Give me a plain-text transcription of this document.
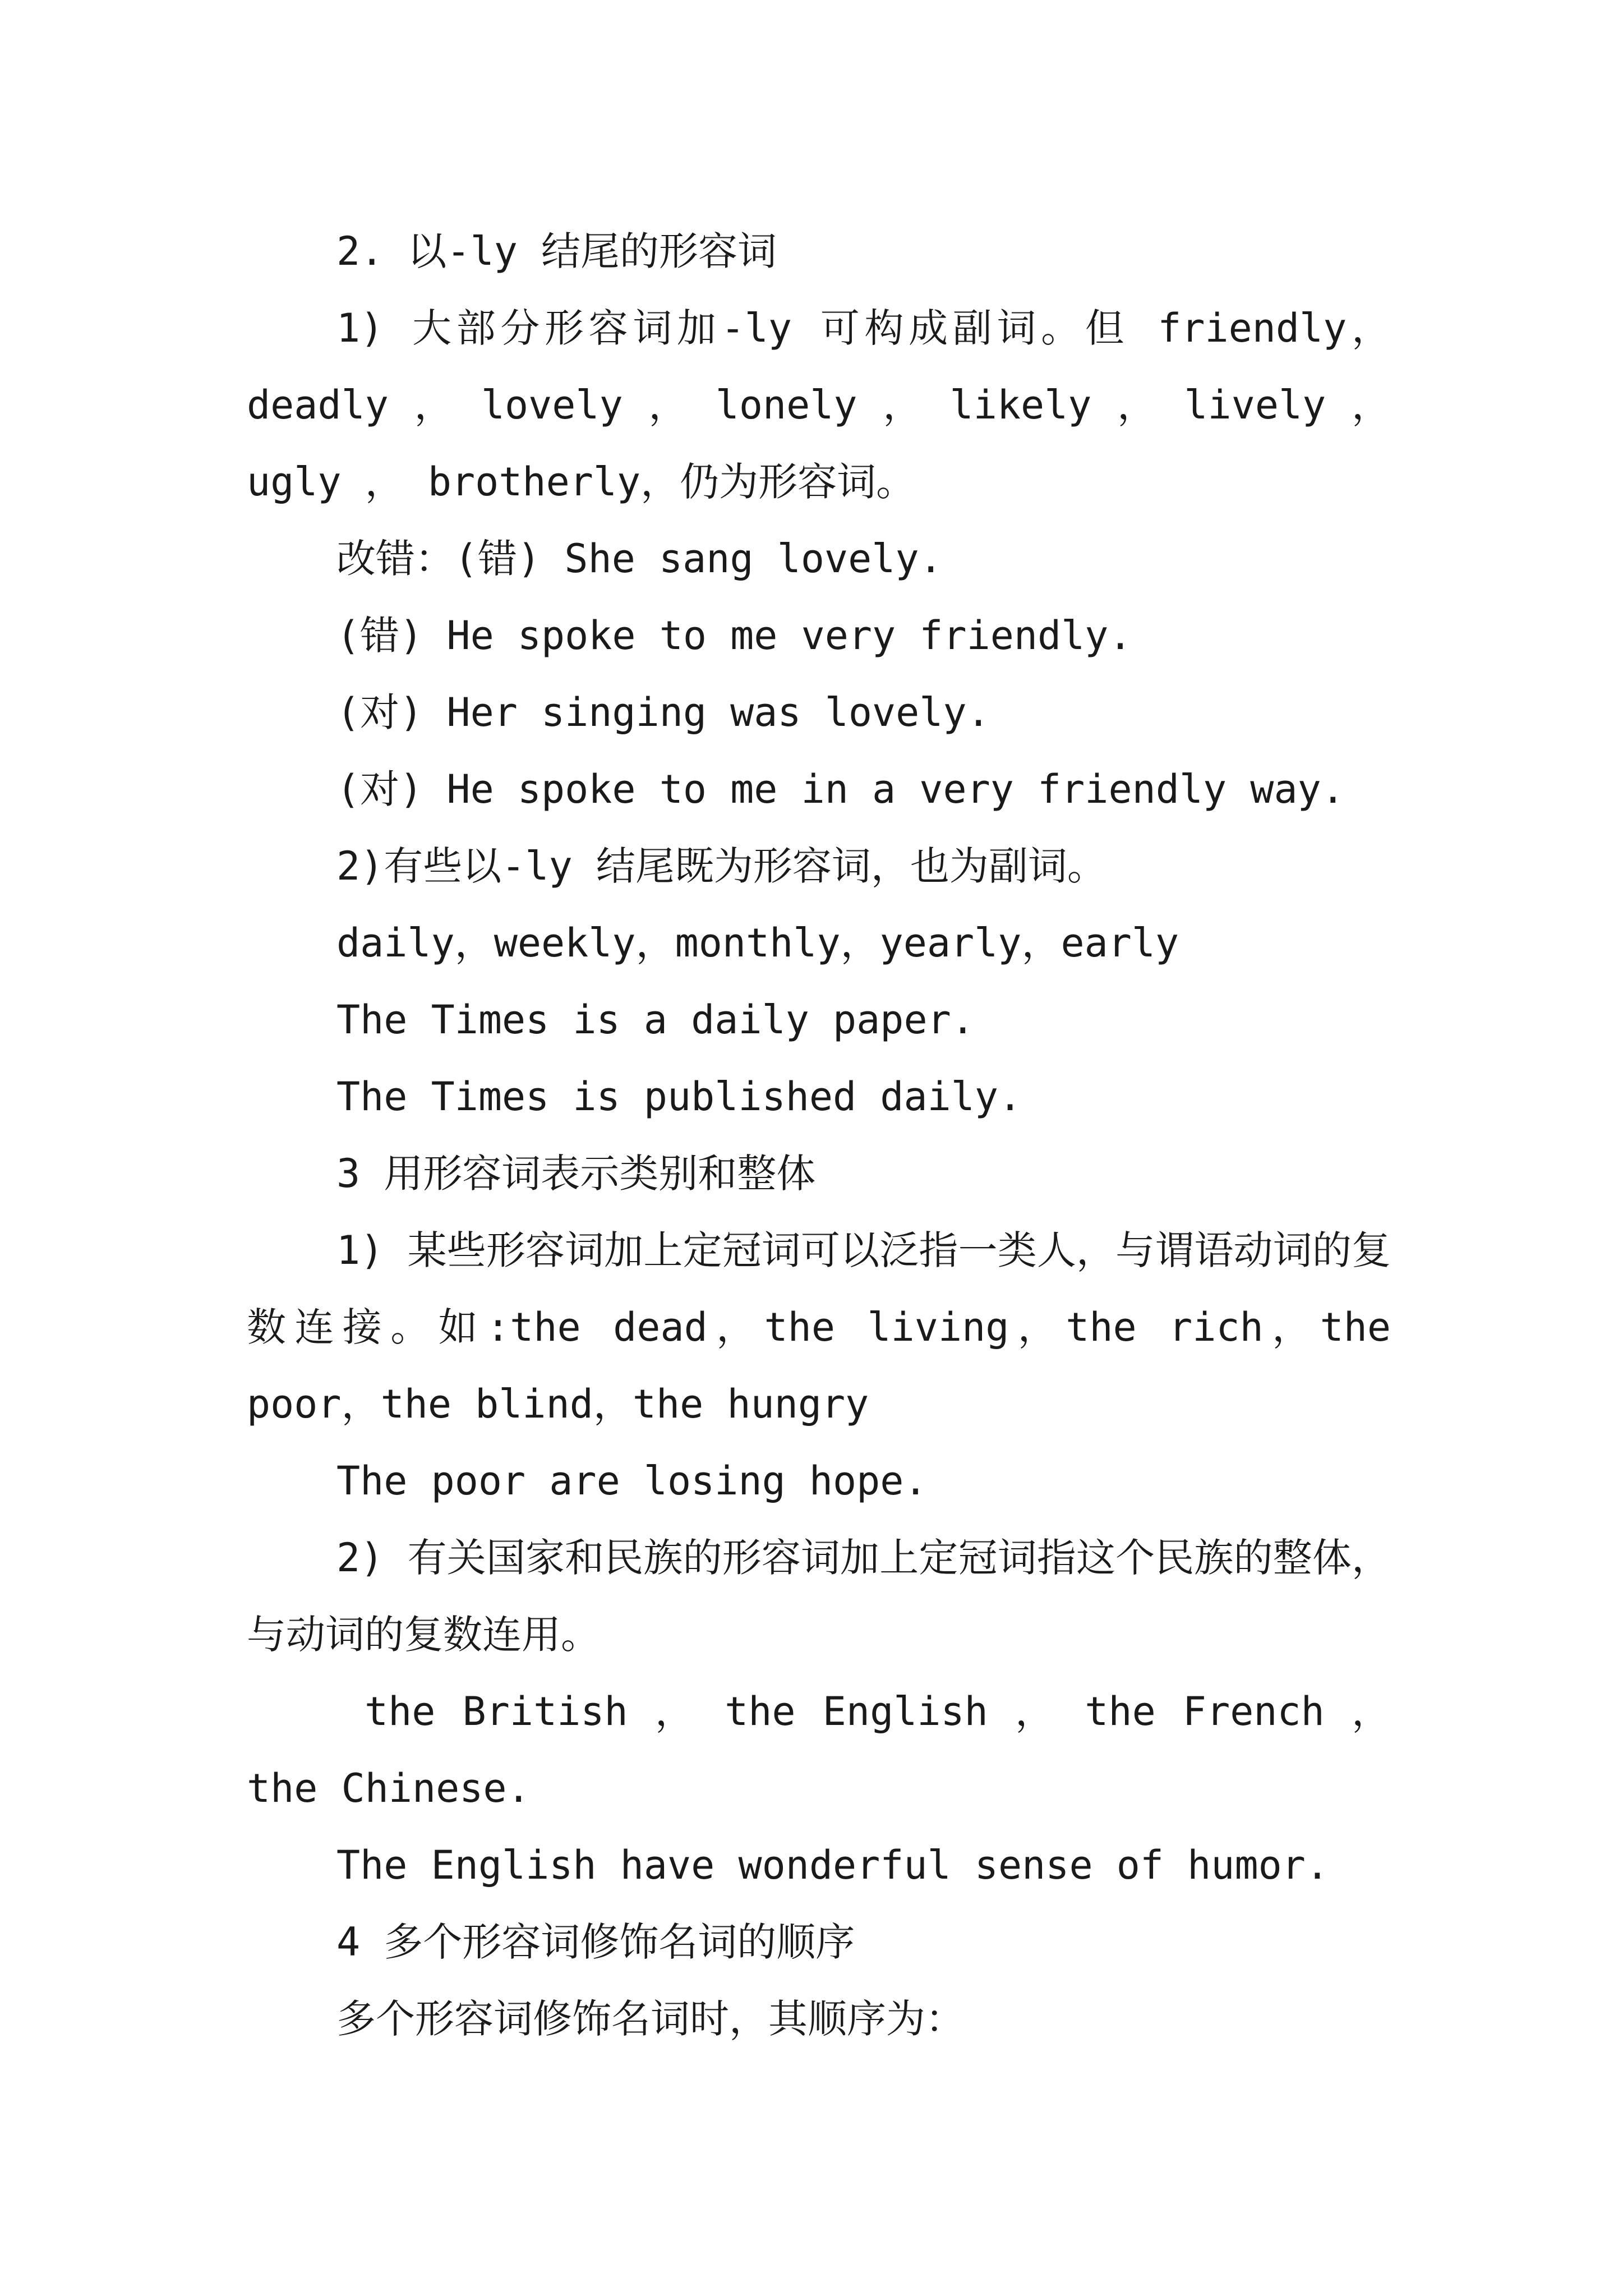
2. 以-ly 结尾的形容词

1) 大部分形容词加-ly 可构成副词。但 friendly， deadly ， lovely ， lonely ， likely ， lively ， ugly ， brotherly，仍为形容词。

改错：(错) She sang lovely.

(错) He spoke to me very friendly.

(对) Her singing was lovely.

(对) He spoke to me in a very friendly way.

2)有些以-ly 结尾既为形容词，也为副词。

daily，weekly，monthly，yearly，early

The Times is a daily paper.

The Times is published daily.

3 用形容词表示类别和整体

1) 某些形容词加上定冠词可以泛指一类人，与谓语动词的复数连接。如:the dead，the living，the rich，the poor，the blind，the hungry

The poor are losing hope.

2) 有关国家和民族的形容词加上定冠词指这个民族的整体，与动词的复数连用。

the British ， the English ， the French ， the Chinese.

The English have wonderful sense of humor.

4 多个形容词修饰名词的顺序

多个形容词修饰名词时，其顺序为：
